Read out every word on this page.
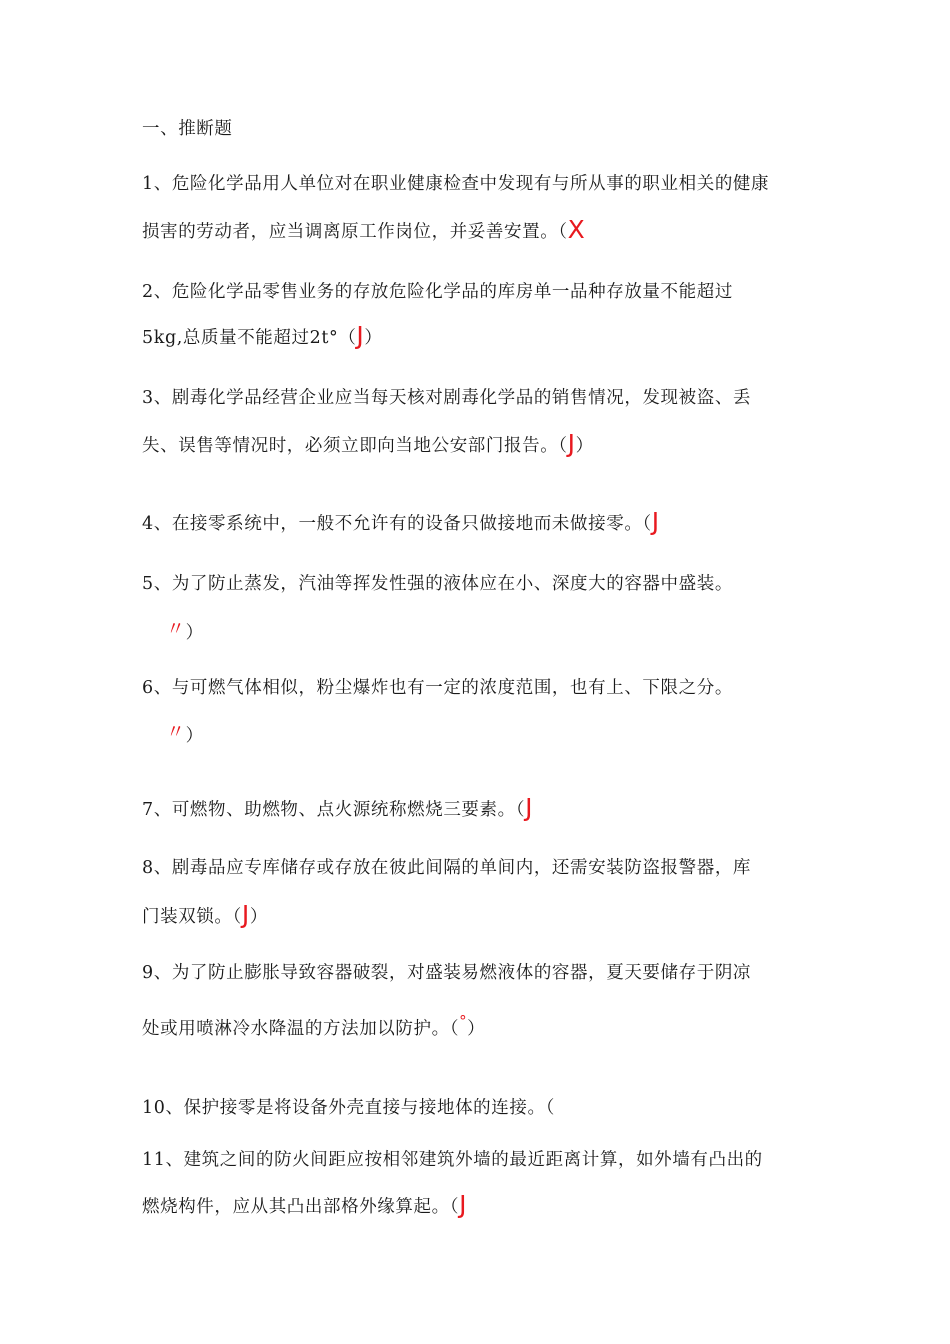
一、推断题
1、危险化学品用人单位对在职业健康检查中发现有与所从事的职业相关的健康
损害的劳动者，应当调离原工作岗位，并妥善安置。（X
2、危险化学品零售业务的存放危险化学品的库房单一品种存放量不能超过
5kg,总质量不能超过2t°（J）
3、剧毒化学品经营企业应当每天核对剧毒化学品的销售情况，发现被盗、丢
失、误售等情况时，必须立即向当地公安部门报告。（J）
4、在接零系统中，一般不允许有的设备只做接地而未做接零。（J
5、为了防止蒸发，汽油等挥发性强的液体应在小、深度大的容器中盛装。
〃）
6、与可燃气体相似，粉尘爆炸也有一定的浓度范围，也有上、下限之分。
〃）
7、可燃物、助燃物、点火源统称燃烧三要素。（J
8、剧毒品应专库储存或存放在彼此间隔的单间内，还需安装防盗报警器，库
门装双锁。（J）
9、为了防止膨胀导致容器破裂，对盛装易燃液体的容器，夏天要储存于阴凉
处或用喷淋冷水降温的方法加以防护。（°）
10、保护接零是将设备外壳直接与接地体的连接。（
11、建筑之间的防火间距应按相邻建筑外墙的最近距离计算，如外墙有凸出的
燃烧构件，应从其凸出部格外缘算起。（J
